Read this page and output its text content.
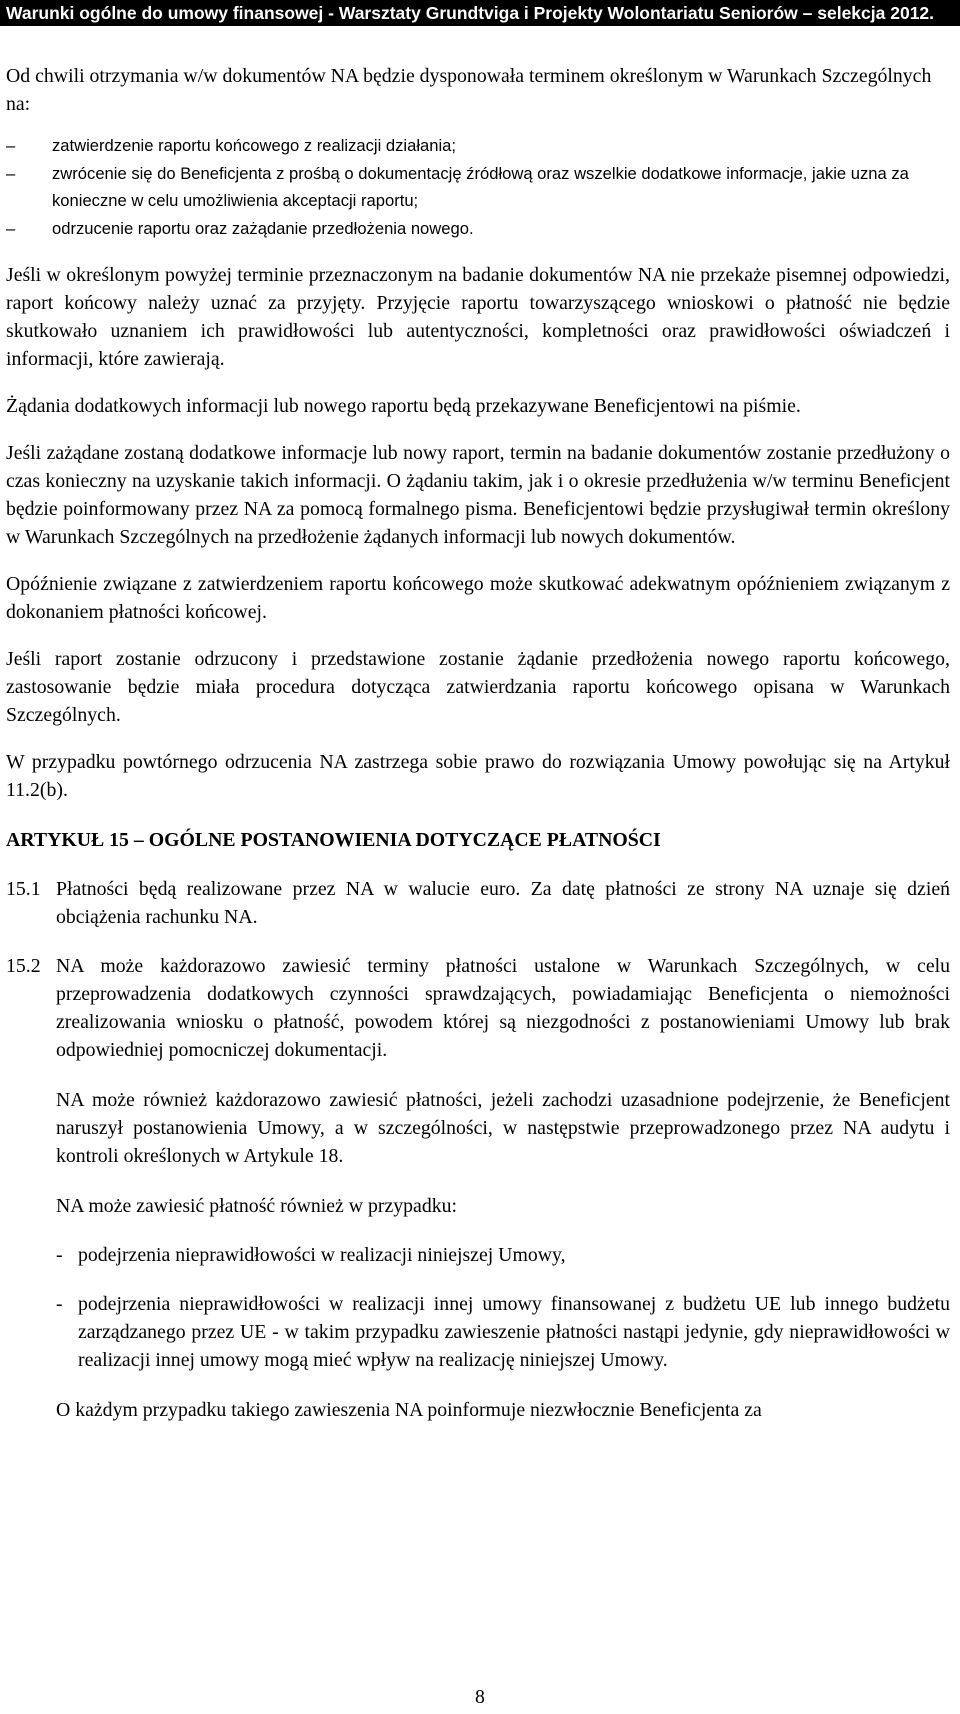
Warunki ogólne do umowy finansowej - Warsztaty Grundtviga i Projekty Wolontariatu Seniorów – selekcja 2012.

Od chwili otrzymania w/w dokumentów NA będzie dysponowała terminem określonym w Warunkach Szczególnych na:

–	zatwierdzenie raportu końcowego z realizacji działania;
–	zwrócenie się do Beneficjenta z prośbą o dokumentację źródłową oraz wszelkie dodatkowe informacje, jakie uzna za konieczne w celu umożliwienia akceptacji raportu;
–	odrzucenie raportu oraz zażądanie przedłożenia nowego.

Jeśli w określonym powyżej terminie przeznaczonym na badanie dokumentów NA nie przekaże pisemnej odpowiedzi, raport końcowy należy uznać za przyjęty. Przyjęcie raportu towarzyszącego wnioskowi o płatność nie będzie skutkowało uznaniem ich prawidłowości lub autentyczności, kompletności oraz prawidłowości oświadczeń i informacji, które zawierają.

Żądania dodatkowych informacji lub nowego raportu będą przekazywane Beneficjentowi na piśmie.

Jeśli zażądane zostaną dodatkowe informacje lub nowy raport, termin na badanie dokumentów zostanie przedłużony o czas konieczny na uzyskanie takich informacji. O żądaniu takim, jak i o okresie przedłużenia w/w terminu Beneficjent będzie poinformowany przez NA za pomocą formalnego pisma. Beneficjentowi będzie przysługiwał termin określony w Warunkach Szczególnych na przedłożenie żądanych informacji lub nowych dokumentów.

Opóźnienie związane z zatwierdzeniem raportu końcowego może skutkować adekwatnym opóźnieniem związanym z dokonaniem płatności końcowej.

Jeśli raport zostanie odrzucony i przedstawione zostanie żądanie przedłożenia nowego raportu końcowego, zastosowanie będzie miała procedura dotycząca zatwierdzania raportu końcowego opisana w Warunkach Szczególnych.

W przypadku powtórnego odrzucenia NA zastrzega sobie prawo do rozwiązania Umowy powołując się na Artykuł 11.2(b).

ARTYKUŁ 15 – OGÓLNE POSTANOWIENIA DOTYCZĄCE PŁATNOŚCI

15.1 Płatności będą realizowane przez NA w walucie euro. Za datę płatności ze strony NA uznaje się dzień obciążenia rachunku NA.
15.2 NA może każdorazowo zawiesić terminy płatności ustalone w Warunkach Szczególnych, w celu przeprowadzenia dodatkowych czynności sprawdzających, powiadamiając Beneficjenta o niemożności zrealizowania wniosku o płatność, powodem której są niezgodności z postanowieniami Umowy lub brak odpowiedniej pomocniczej dokumentacji.

NA może również każdorazowo zawiesić płatności, jeżeli zachodzi uzasadnione podejrzenie, że Beneficjent naruszył postanowienia Umowy, a w szczególności, w następstwie przeprowadzonego przez NA audytu i kontroli określonych w Artykule 18.

NA może zawiesić płatność również w przypadku:

- podejrzenia nieprawidłowości w realizacji niniejszej Umowy,
- podejrzenia nieprawidłowości w realizacji innej umowy finansowanej z budżetu UE lub innego budżetu zarządzanego przez UE - w takim przypadku zawieszenie płatności nastąpi jedynie, gdy nieprawidłowości w realizacji innej umowy mogą mieć wpływ na realizację niniejszej Umowy.

O każdym przypadku takiego zawieszenia NA poinformuje niezwłocznie Beneficjenta za

8
